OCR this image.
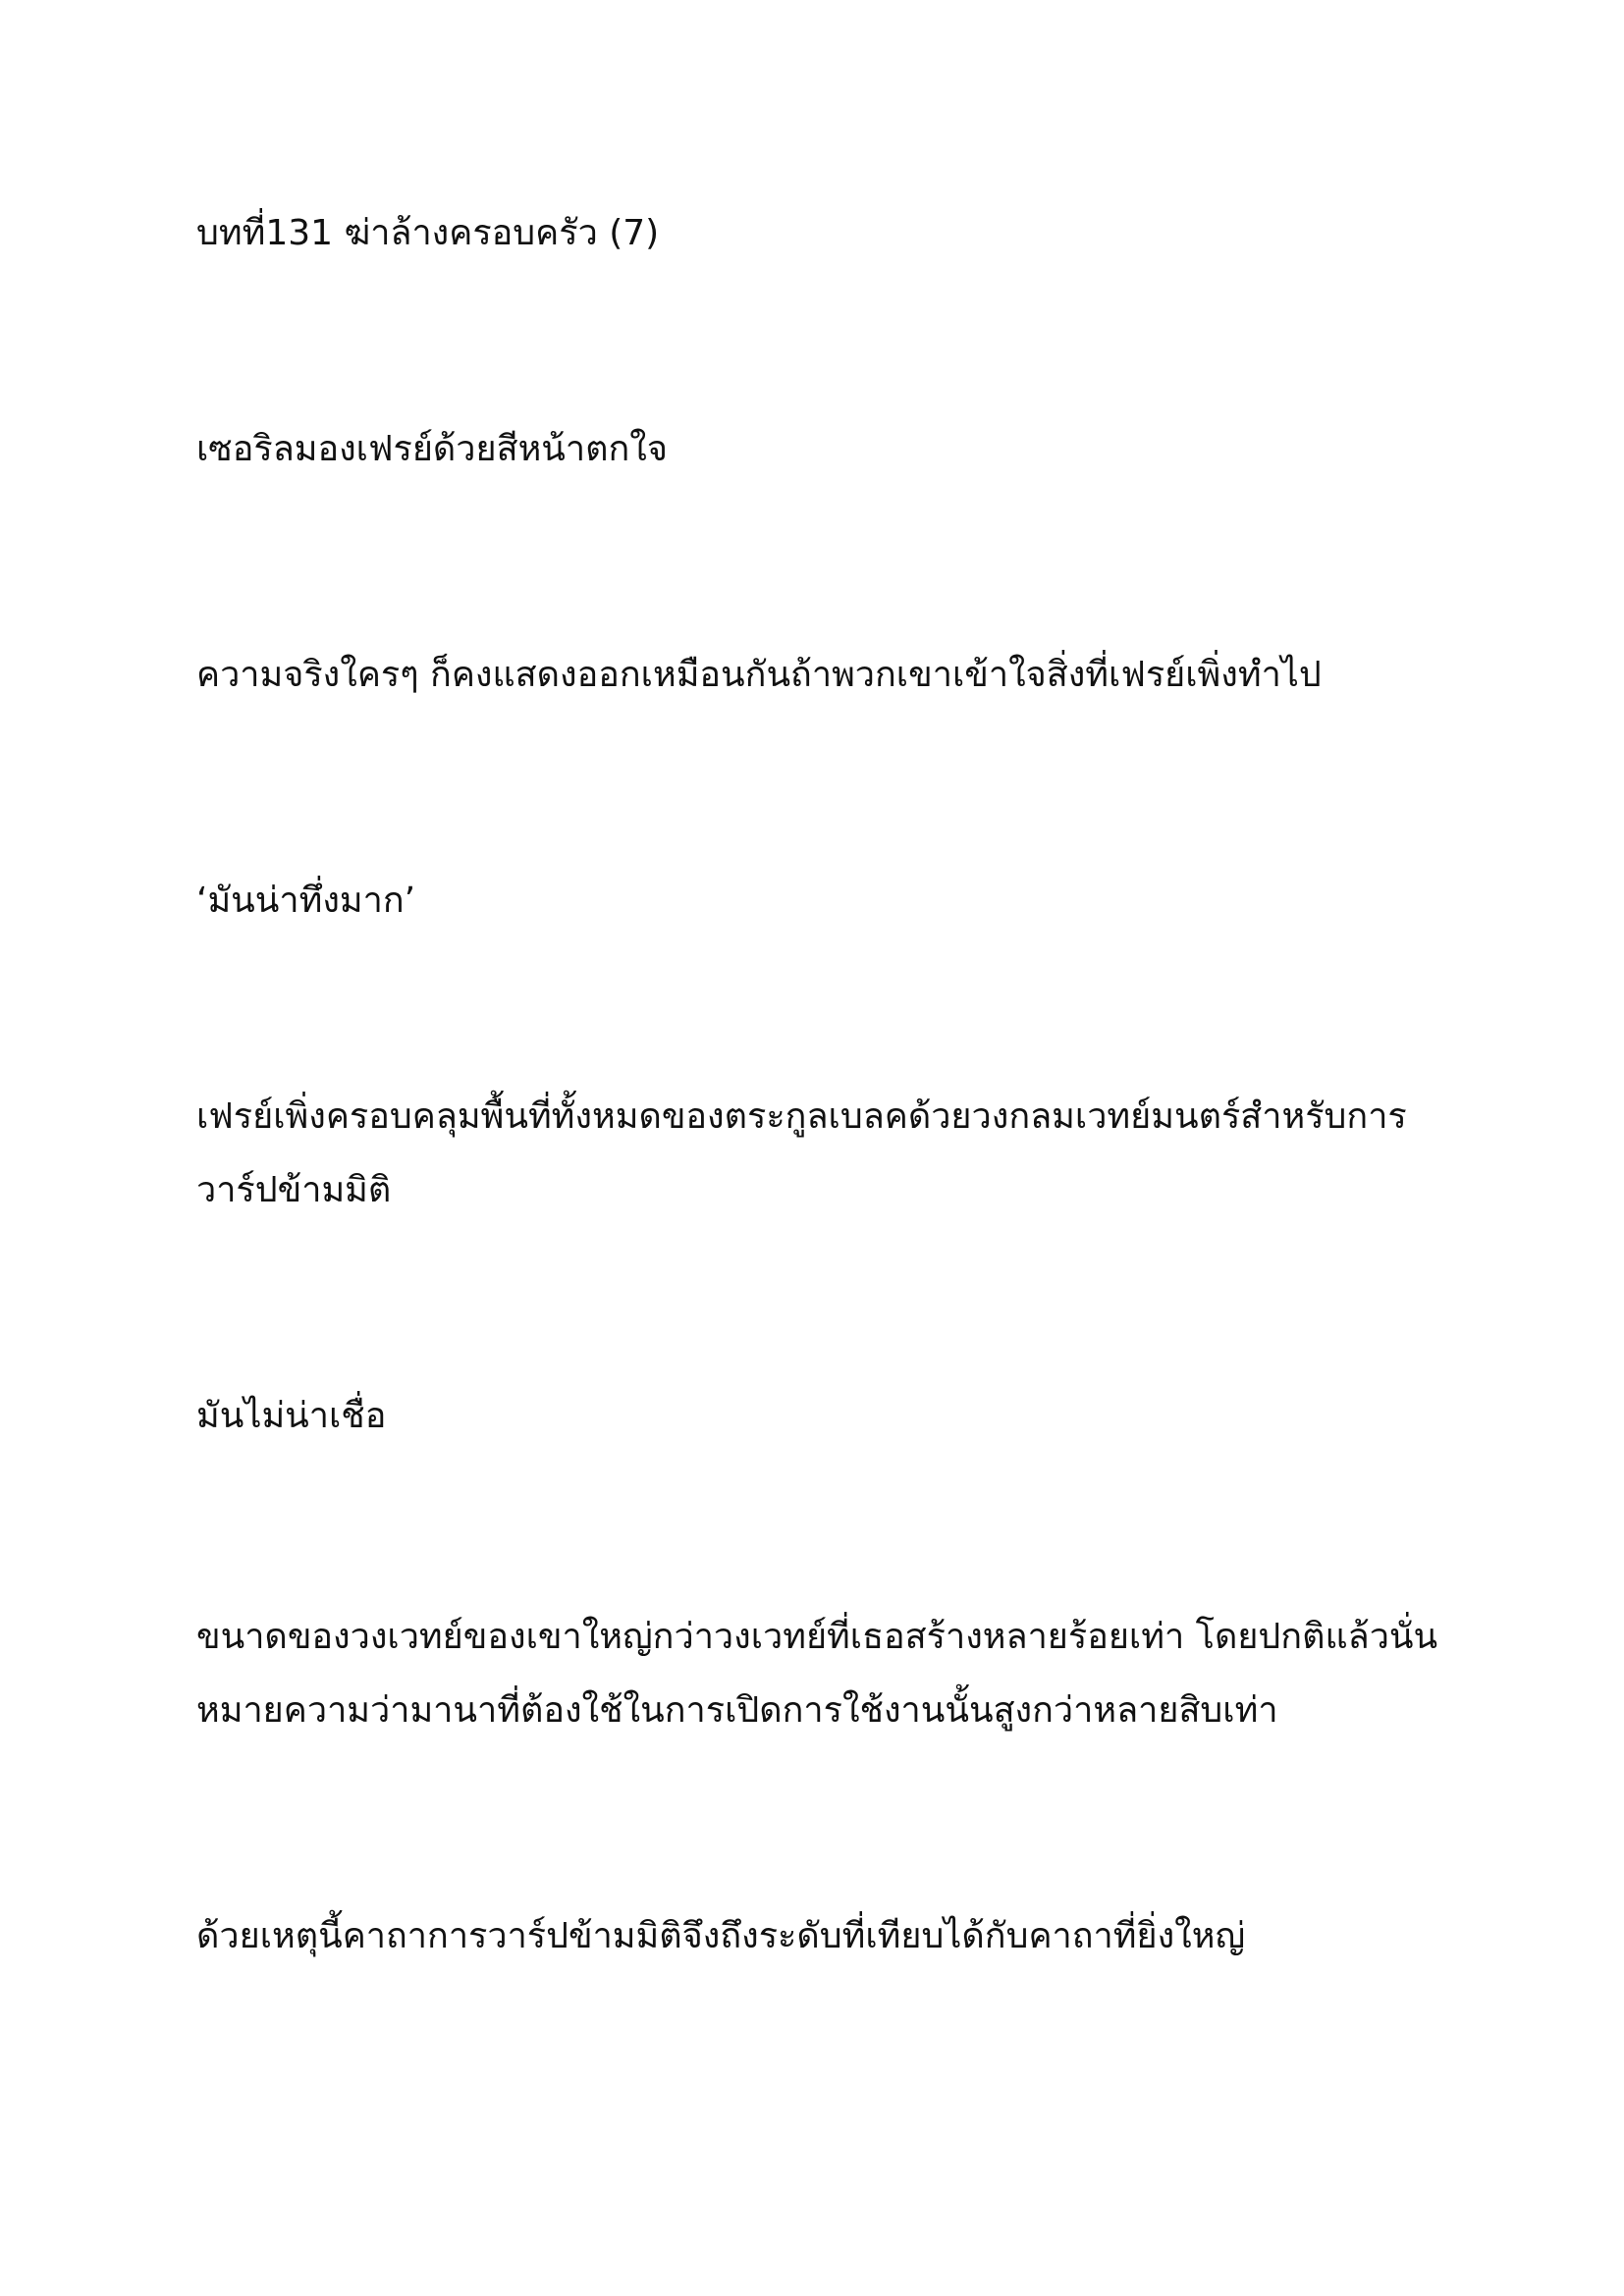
บทที่131 ฆ่าล้างครอบครัว (7)

เซอริลมองเฟรย์ด้วยสีหน้าตกใจ

ความจริงใครๆ ก็คงแสดงออกเหมือนกันถ้าพวกเขาเข้าใจสิ่งที่เฟรย์เพิ่งทำไป

‘มันน่าทึ่งมาก’

เฟรย์เพิ่งครอบคลุมพื้นที่ทั้งหมดของตระกูลเบลคด้วยวงกลมเวทย์มนตร์สำหรับการ
วาร์ปข้ามมิติ

มันไม่น่าเชื่อ

ขนาดของวงเวทย์ของเขาใหญ่กว่าวงเวทย์ที่เธอสร้างหลายร้อยเท่า โดยปกติแล้วนั่น
หมายความว่ามานาที่ต้องใช้ในการเปิดการใช้งานนั้นสูงกว่าหลายสิบเท่า

ด้วยเหตุนี้คาถาการวาร์ปข้ามมิติจึงถึงระดับที่เทียบได้กับคาถาที่ยิ่งใหญ่
